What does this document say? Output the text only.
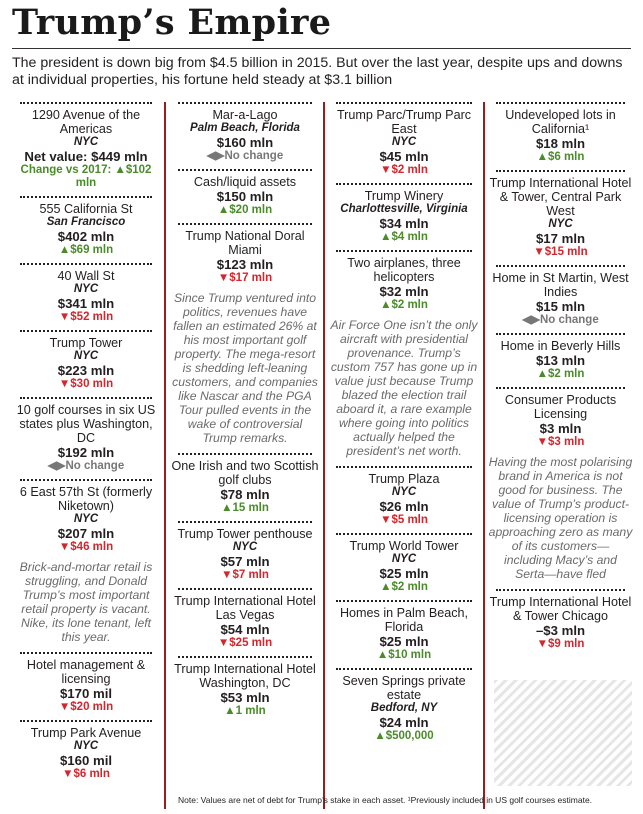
Trump’s Empire
The president is down big from $4.5 billion in 2015. But over the last year, despite ups and downs at individual properties, his fortune held steady at $3.1 billion
1290 Avenue of the Americas
NYC
Net value: $449 mln
Change vs 2017: ▲$102 mln
555 California St
San Francisco
$402 mln
▲$69 mln
40 Wall St
NYC
$341 mln
▼$52 mln
Trump Tower
NYC
$223 mln
▼$30 mln
10 golf courses in six US states plus Washington, DC
$192 mln
◀▶No change
6 East 57th St (formerly Niketown)
NYC
$207 mln
▼$46 mln
Brick-and-mortar retail is struggling, and Donald Trump’s most important retail property is vacant. Nike, its lone tenant, left this year.
Hotel management & licensing
$170 mil
▼$20 mln
Trump Park Avenue
NYC
$160 mil
▼$6 mln
Mar-a-Lago
Palm Beach, Florida
$160 mln
◀▶No change
Cash/liquid assets
$150 mln
▲$20 mln
Trump National Doral Miami
$123 mln
▼$17 mln
Since Trump ventured into politics, revenues have fallen an estimated 26% at his most important golf property. The mega-resort is shedding left-leaning customers, and companies like Nascar and the PGA Tour pulled events in the wake of controversial Trump remarks.
One Irish and two Scottish golf clubs
$78 mln
▲15 mln
Trump Tower penthouse
NYC
$57 mln
▼$7 mln
Trump International Hotel Las Vegas
$54 mln
▼$25 mln
Trump International Hotel Washington, DC
$53 mln
▲1 mln
Trump Parc/Trump Parc East
NYC
$45 mln
▼$2 mln
Trump Winery
Charlottesville, Virginia
$34 mln
▲$4 mln
Two airplanes, three helicopters
$32 mln
▲$2 mln
Air Force One isn’t the only aircraft with presidential provenance. Trump’s custom 757 has gone up in value just because Trump blazed the election trail aboard it, a rare example where going into politics actually helped the president’s net worth.
Trump Plaza
NYC
$26 mln
▼$5 mln
Trump World Tower
NYC
$25 mln
▲$2 mln
Homes in Palm Beach, Florida
$25 mln
▲$10 mln
Seven Springs private estate
Bedford, NY
$24 mln
▲$500,000
Undeveloped lots in California¹
$18 mln
▲$6 mln
Trump International Hotel & Tower, Central Park West
NYC
$17 mln
▼$15 mln
Home in St Martin, West Indies
$15 mln
◀▶No change
Home in Beverly Hills
$13 mln
▲$2 mln
Consumer Products Licensing
$3 mln
▼$3 mln
Having the most polarising brand in America is not good for business. The value of Trump’s product-licensing operation is approaching zero as many of its customers—including Macy’s and Serta—have fled
Trump International Hotel & Tower Chicago
–$3 mln
▼$9 mln
Note: Values are net of debt for Trump’s stake in each asset. ¹Previously included in US golf courses estimate.
